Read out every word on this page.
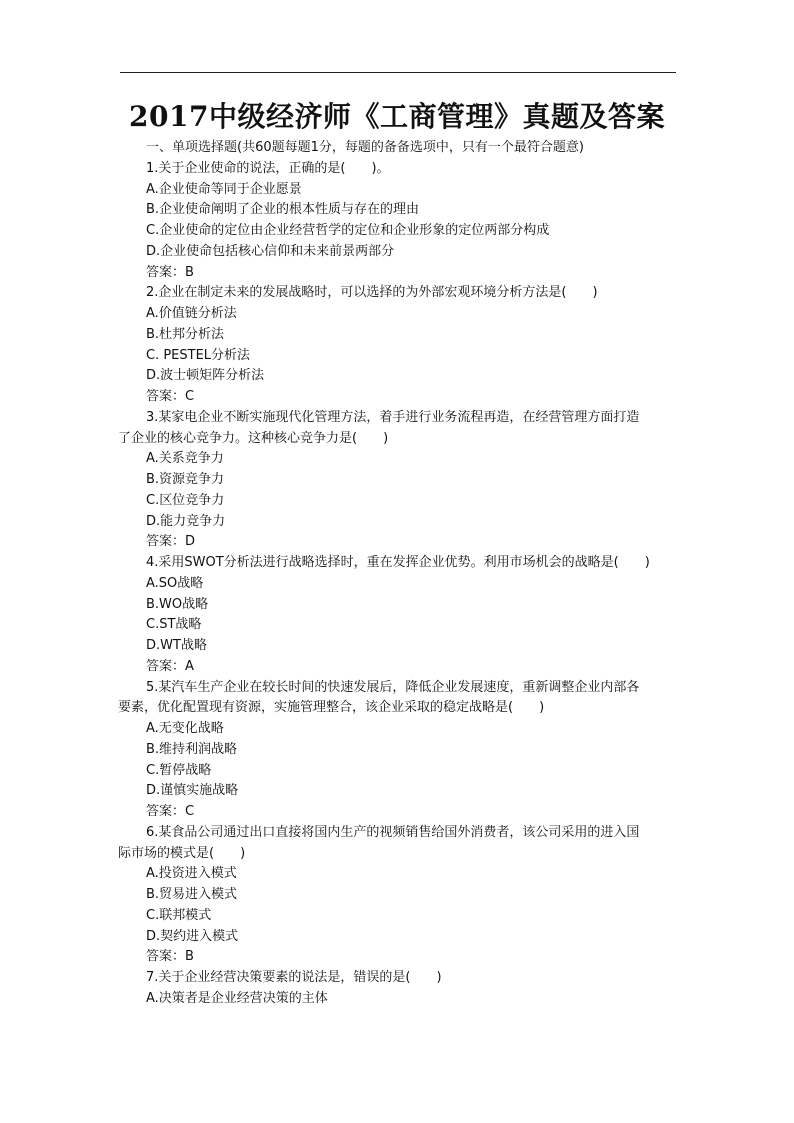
2017中级经济师《工商管理》真题及答案
一、单项选择题(共60题每题1分，每题的备备选项中，只有一个最符合题意)
1.关于企业使命的说法，正确的是(　　)。
A.企业使命等同于企业愿景
B.企业使命阐明了企业的根本性质与存在的理由
C.企业使命的定位由企业经营哲学的定位和企业形象的定位两部分构成
D.企业使命包括核心信仰和未来前景两部分
答案：B
2.企业在制定未来的发展战略时，可以选择的为外部宏观环境分析方法是(　　)
A.价值链分析法
B.杜邦分析法
C. PESTEL分析法
D.波士顿矩阵分析法
答案：C
3.某家电企业不断实施现代化管理方法，着手进行业务流程再造，在经营管理方面打造
了企业的核心竞争力。这种核心竞争力是(　　)
A.关系竞争力
B.资源竞争力
C.区位竞争力
D.能力竞争力
答案：D
4.采用SWOT分析法进行战略选择时，重在发挥企业优势。利用市场机会的战略是(　　)
A.SO战略
B.WO战略
C.ST战略
D.WT战略
答案：A
5.某汽车生产企业在较长时间的快速发展后，降低企业发展速度，重新调整企业内部各
要素，优化配置现有资源，实施管理整合，该企业采取的稳定战略是(　　)
A.无变化战略
B.维持利润战略
C.暂停战略
D.谨慎实施战略
答案：C
6.某食品公司通过出口直接将国内生产的视频销售给国外消费者，该公司采用的进入国
际市场的模式是(　　)
A.投资进入模式
B.贸易进入模式
C.联邦模式
D.契约进入模式
答案：B
7.关于企业经营决策要素的说法是，错误的是(　　)
A.决策者是企业经营决策的主体
